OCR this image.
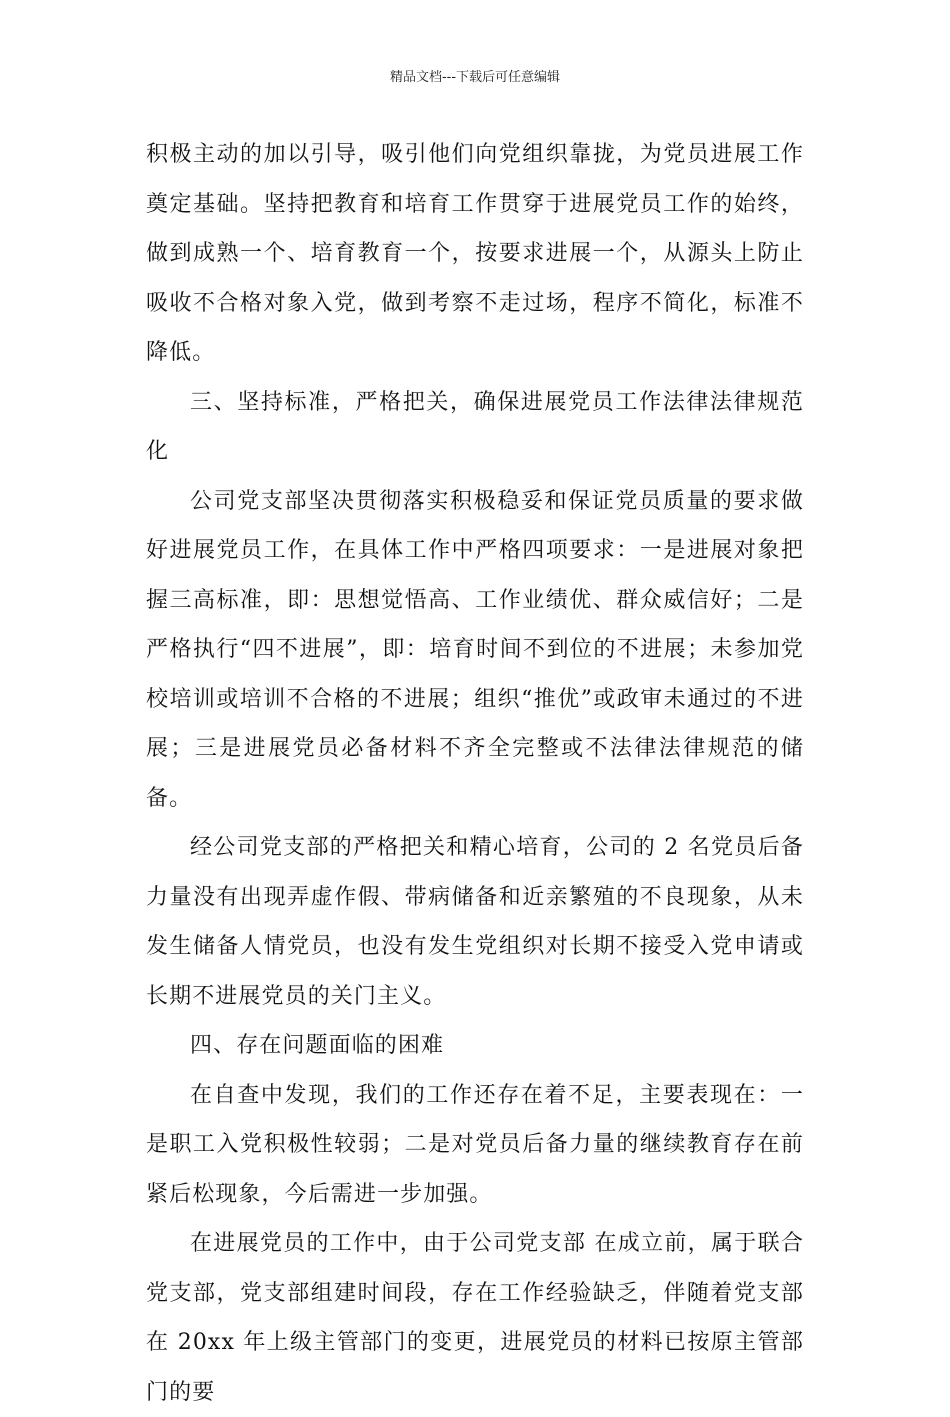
精品文档---下载后可任意编辑

积极主动的加以引导，吸引他们向党组织靠拢，为党员进展工作奠定基础。坚持把教育和培育工作贯穿于进展党员工作的始终，做到成熟一个、培育教育一个，按要求进展一个，从源头上防止吸收不合格对象入党，做到考察不走过场，程序不简化，标准不降低。

三、坚持标准，严格把关，确保进展党员工作法律法律规范化

公司党支部坚决贯彻落实积极稳妥和保证党员质量的要求做好进展党员工作，在具体工作中严格四项要求：一是进展对象把握三高标准，即：思想觉悟高、工作业绩优、群众威信好；二是严格执行“四不进展”，即：培育时间不到位的不进展；未参加党校培训或培训不合格的不进展；组织“推优”或政审未通过的不进展；三是进展党员必备材料不齐全完整或不法律法律规范的储备。

经公司党支部的严格把关和精心培育，公司的 2 名党员后备力量没有出现弄虚作假、带病储备和近亲繁殖的不良现象，从未发生储备人情党员，也没有发生党组织对长期不接受入党申请或长期不进展党员的关门主义。

四、存在问题面临的困难

在自查中发现，我们的工作还存在着不足，主要表现在：一是职工入党积极性较弱；二是对党员后备力量的继续教育存在前紧后松现象，今后需进一步加强。

在进展党员的工作中，由于公司党支部 在成立前，属于联合党支部，党支部组建时间段，存在工作经验缺乏，伴随着党支部在 20xx 年上级主管部门的变更，进展党员的材料已按原主管部门的要
